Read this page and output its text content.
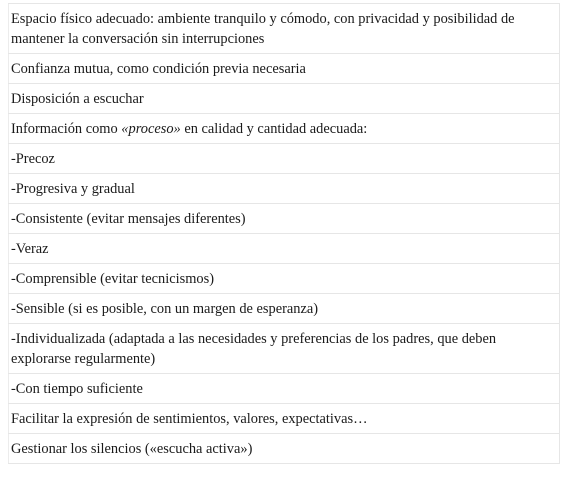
Espacio físico adecuado: ambiente tranquilo y cómodo, con privacidad y posibilidad de mantener la conversación sin interrupciones
Confianza mutua, como condición previa necesaria
Disposición a escuchar
Información como «proceso» en calidad y cantidad adecuada:
-Precoz
-Progresiva y gradual
-Consistente (evitar mensajes diferentes)
-Veraz
-Comprensible (evitar tecnicismos)
-Sensible (si es posible, con un margen de esperanza)
-Individualizada (adaptada a las necesidades y preferencias de los padres, que deben explorarse regularmente)
-Con tiempo suficiente
Facilitar la expresión de sentimientos, valores, expectativas…
Gestionar los silencios («escucha activa»)
